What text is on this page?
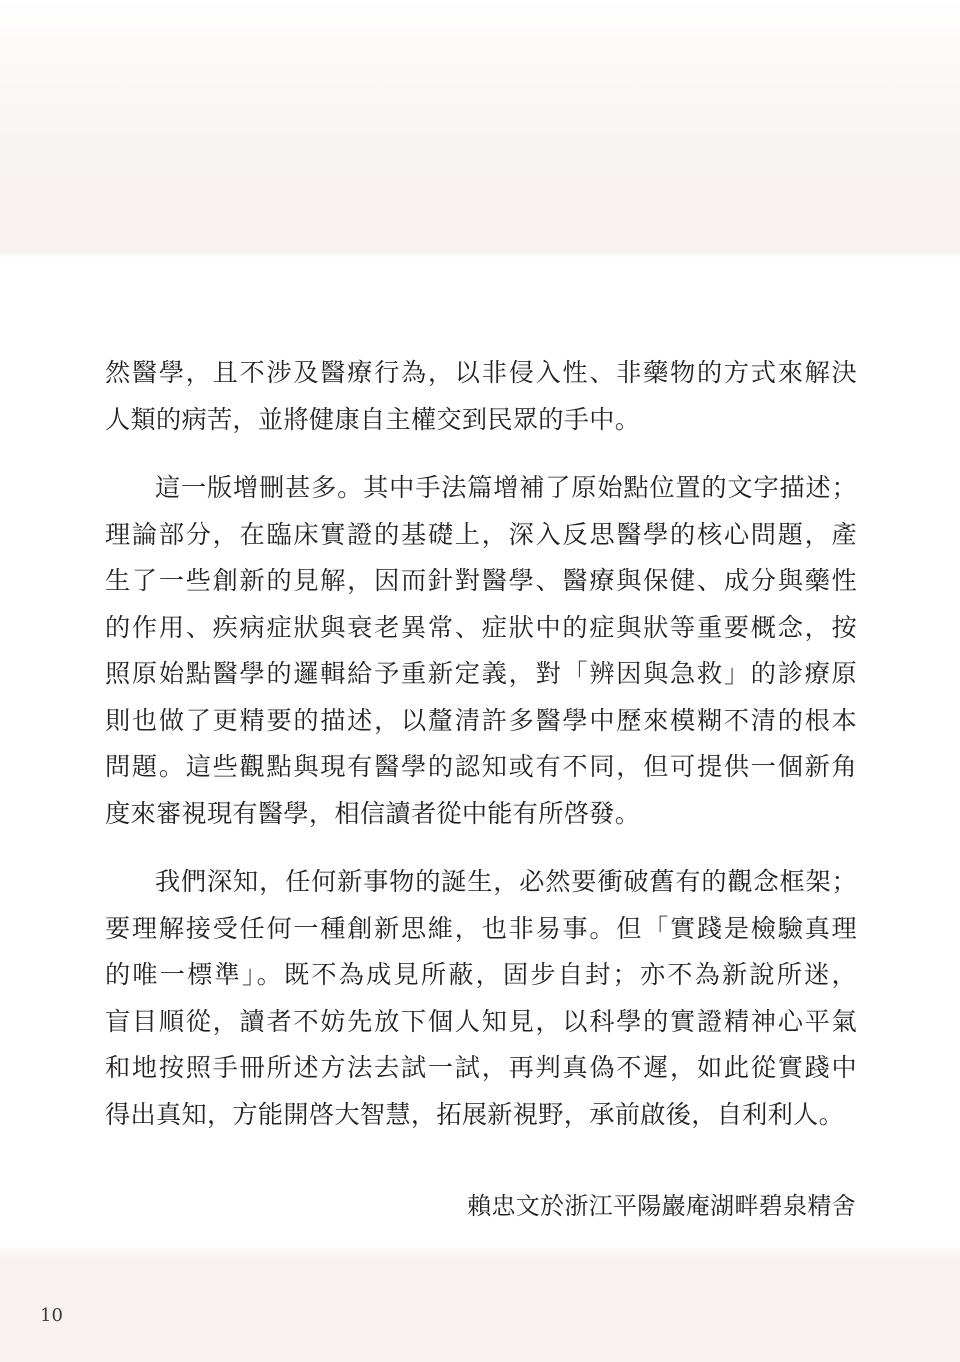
然醫學，且不涉及醫療行為，以非侵入性、非藥物的方式來解決
人類的病苦，並將健康自主權交到民眾的手中。

這一版增刪甚多。其中手法篇增補了原始點位置的文字描述；
理論部分，在臨床實證的基礎上，深入反思醫學的核心問題，產
生了一些創新的見解，因而針對醫學、醫療與保健、成分與藥性
的作用、疾病症狀與衰老異常、症狀中的症與狀等重要概念，按
照原始點醫學的邏輯給予重新定義，對「辨因與急救」的診療原
則也做了更精要的描述，以釐清許多醫學中歷來模糊不清的根本
問題。這些觀點與現有醫學的認知或有不同，但可提供一個新角
度來審視現有醫學，相信讀者從中能有所啓發。

我們深知，任何新事物的誕生，必然要衝破舊有的觀念框架；
要理解接受任何一種創新思維，也非易事。但「實踐是檢驗真理
的唯一標準」。既不為成見所蔽，固步自封；亦不為新說所迷，
盲目順從，讀者不妨先放下個人知見，以科學的實證精神心平氣
和地按照手冊所述方法去試一試，再判真偽不遲，如此從實踐中
得出真知，方能開啓大智慧，拓展新視野，承前啟後，自利利人。

賴忠文於浙江平陽巖庵湖畔碧泉精舍
10
